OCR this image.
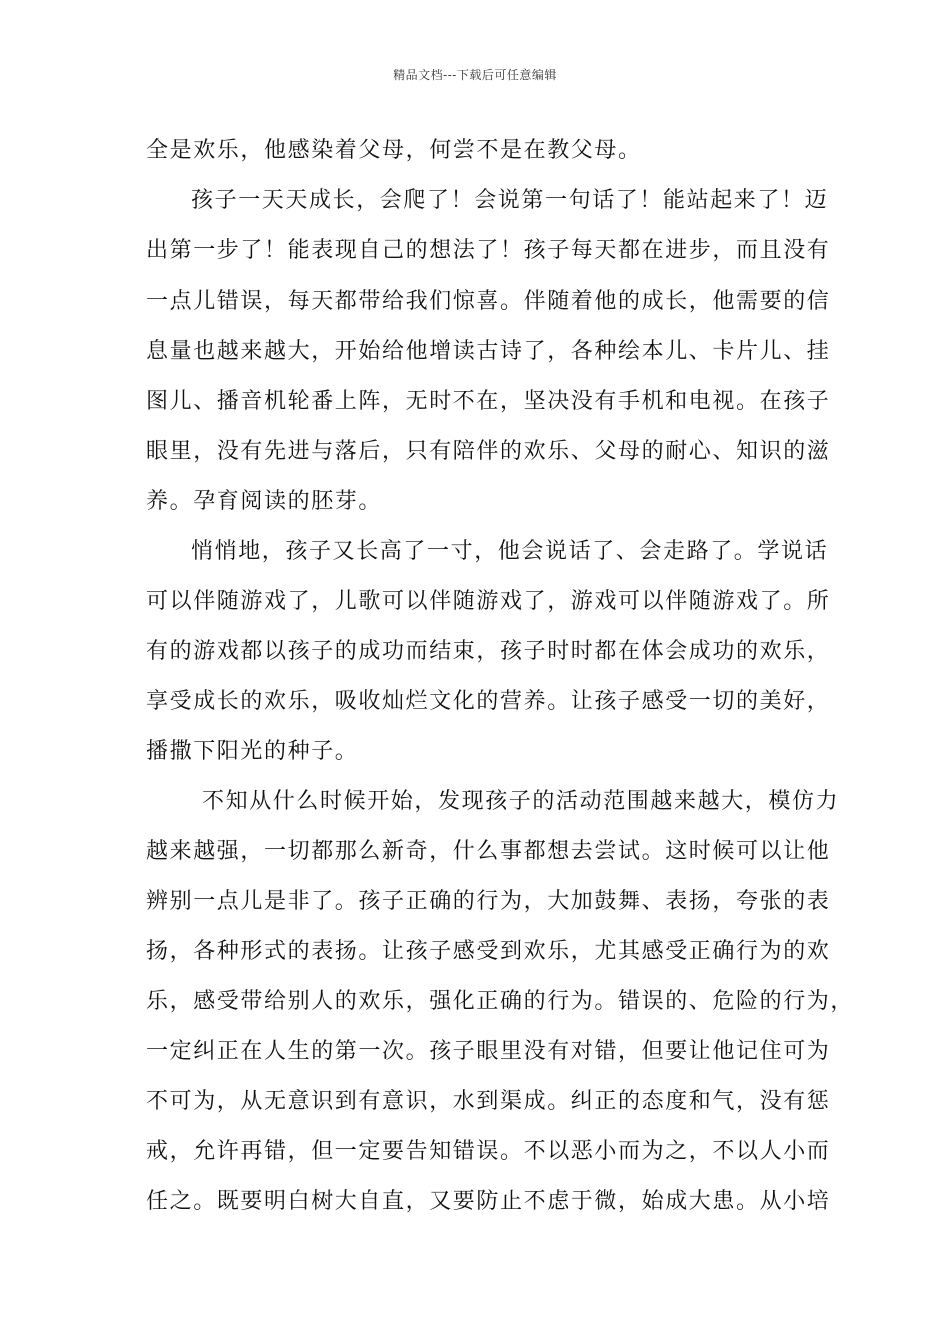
精品文档---下载后可任意编辑
全是欢乐，他感染着父母，何尝不是在教父母。
孩子一天天成长，会爬了！会说第一句话了！能站起来了！迈
出第一步了！能表现自己的想法了！孩子每天都在进步，而且没有
一点儿错误，每天都带给我们惊喜。伴随着他的成长，他需要的信
息量也越来越大，开始给他增读古诗了，各种绘本儿、卡片儿、挂
图儿、播音机轮番上阵，无时不在，坚决没有手机和电视。在孩子
眼里，没有先进与落后，只有陪伴的欢乐、父母的耐心、知识的滋
养。孕育阅读的胚芽。
悄悄地，孩子又长高了一寸，他会说话了、会走路了。学说话
可以伴随游戏了，儿歌可以伴随游戏了，游戏可以伴随游戏了。所
有的游戏都以孩子的成功而结束，孩子时时都在体会成功的欢乐，
享受成长的欢乐，吸收灿烂文化的营养。让孩子感受一切的美好，
播撒下阳光的种子。
不知从什么时候开始，发现孩子的活动范围越来越大，模仿力
越来越强，一切都那么新奇，什么事都想去尝试。这时候可以让他
辨别一点儿是非了。孩子正确的行为，大加鼓舞、表扬，夸张的表
扬，各种形式的表扬。让孩子感受到欢乐，尤其感受正确行为的欢
乐，感受带给别人的欢乐，强化正确的行为。错误的、危险的行为，
一定纠正在人生的第一次。孩子眼里没有对错，但要让他记住可为
不可为，从无意识到有意识，水到渠成。纠正的态度和气，没有惩
戒，允许再错，但一定要告知错误。不以恶小而为之，不以人小而
任之。既要明白树大自直，又要防止不虑于微，始成大患。从小培
